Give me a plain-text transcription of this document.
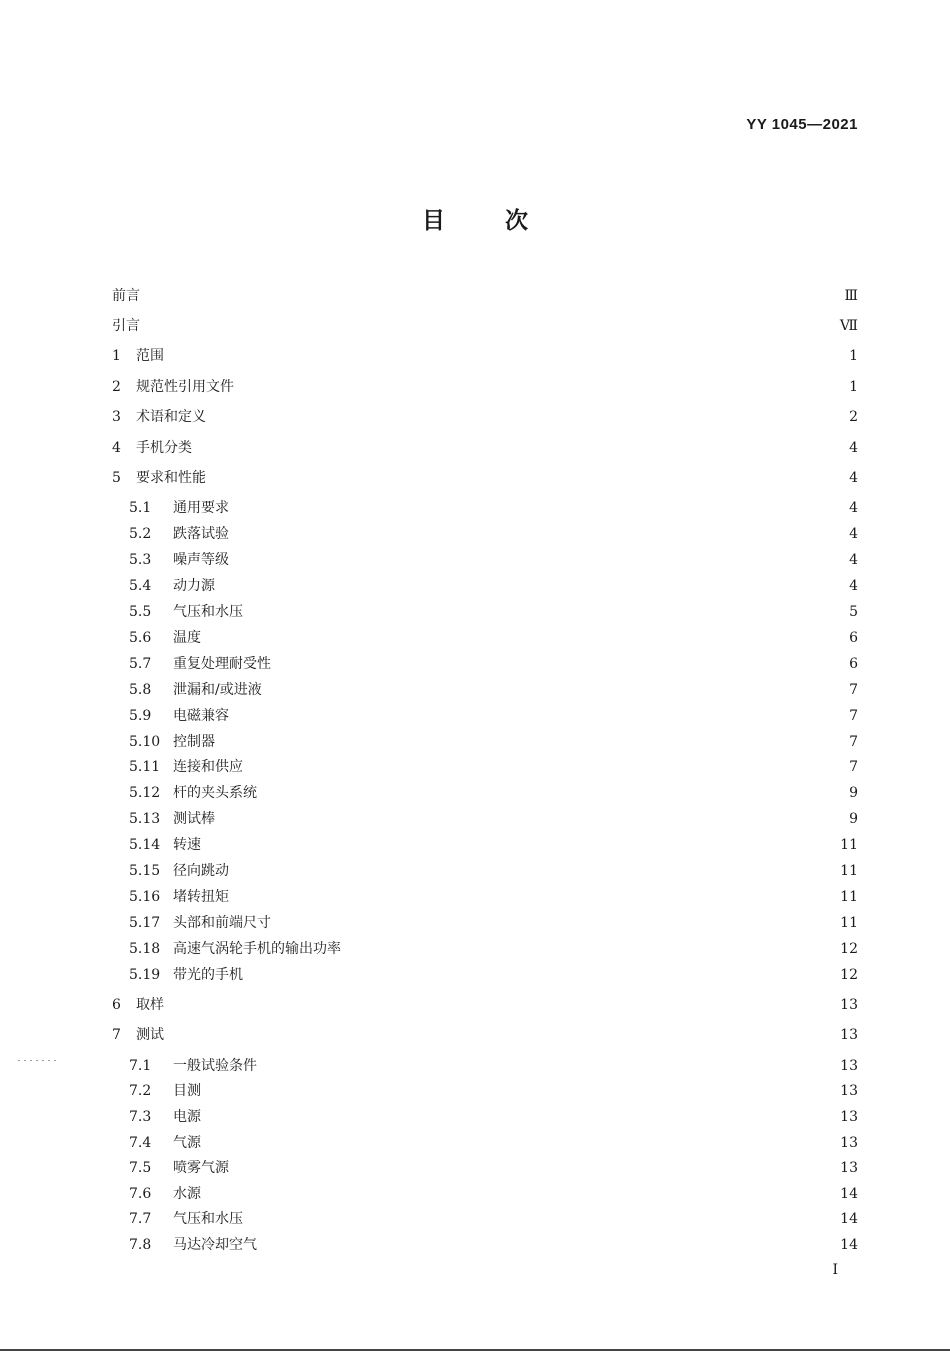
YY 1045—2021
目	次
前言	Ⅲ
引言	Ⅶ
1 范围	1
2 规范性引用文件	1
3 术语和定义	2
4 手机分类	4
5 要求和性能	4
5.1	通用要求	4
5.2	跌落试验	4
5.3	噪声等级	4
5.4	动力源	4
5.5	气压和水压	5
5.6	温度	6
5.7	重复处理耐受性	6
5.8	泄漏和/或进液	7
5.9	电磁兼容	7
5.10 控制器	7
5.11 连接和供应	7
5.12 杆的夹头系统	9
5.13 测试棒	9
5.14 转速	11
5.15 径向跳动	11
5.16 堵转扭矩	11
5.17 头部和前端尺寸	11
5.18 高速气涡轮手机的输出功率	12
5.19 带光的手机	12
6 取样	13
7 测试	13
7.1	一般试验条件	13
7.2	目测	13
7.3	电源	13
7.4	气源	13
7.5	喷雾气源	13
7.6	水源	14
7.7	气压和水压	14
7.8	马达冷却空气	14
I
